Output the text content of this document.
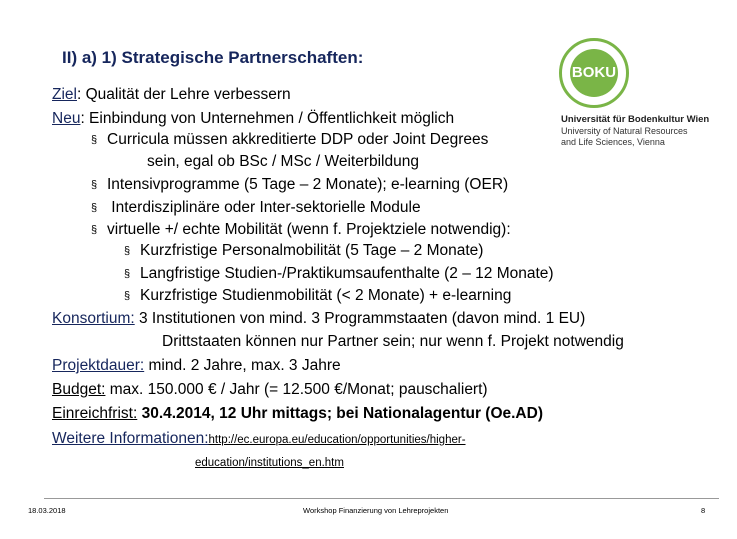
II) a) 1) Strategische Partnerschaften:
BOKU
Universität für Bodenkultur Wien
University of Natural Resources
and Life Sciences, Vienna
Ziel: Qualität der Lehre verbessern
Neu: Einbindung von Unternehmen / Öffentlichkeit möglich
§ Curricula müssen akkreditierte DDP oder Joint Degrees
sein, egal ob BSc / MSc / Weiterbildung
§ Intensivprogramme (5 Tage – 2 Monate); e-learning (OER)
§ Interdisziplinäre oder Inter-sektorielle Module
§ virtuelle +/ echte Mobilität (wenn f. Projektziele notwendig):
§ Kurzfristige Personalmobilität (5 Tage – 2 Monate)
§ Langfristige Studien-/Praktikumsaufenthalte (2 – 12 Monate)
§ Kurzfristige Studienmobilität (< 2 Monate) + e-learning
Konsortium: 3 Institutionen von mind. 3 Programmstaaten (davon mind. 1 EU)
Drittstaaten können nur Partner sein; nur wenn f. Projekt notwendig
Projektdauer: mind. 2 Jahre, max. 3 Jahre
Budget: max. 150.000 € / Jahr (= 12.500 €/Monat; pauschaliert)
Einreichfrist: 30.4.2014, 12 Uhr mittags; bei Nationalagentur (Oe.AD)
Weitere Informationen:http://ec.europa.eu/education/opportunities/higher-
education/institutions_en.htm
18.03.2018	Workshop Finanzierung von Lehreprojekten	8
